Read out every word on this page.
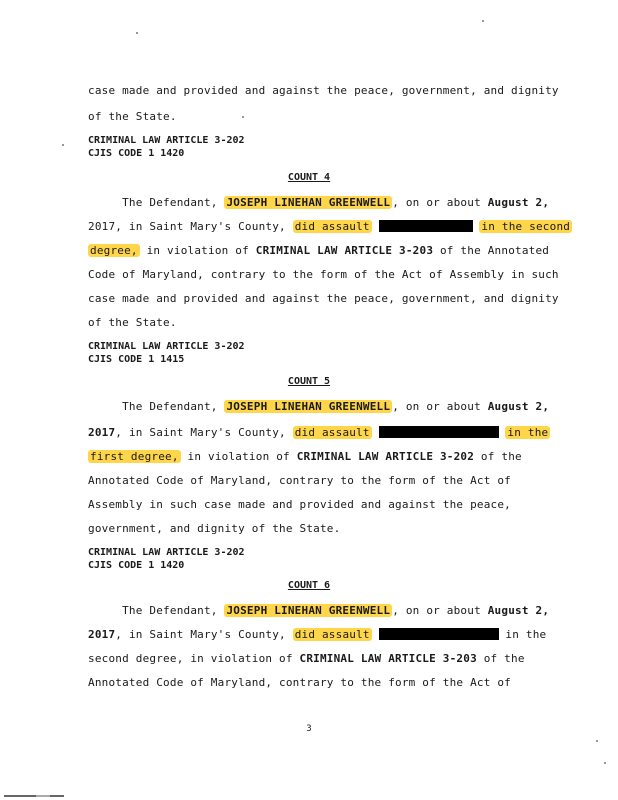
case made and provided and against the peace, government, and dignity
of the State.
CRIMINAL LAW ARTICLE 3-202
CJIS CODE 1 1420
COUNT 4
The Defendant, JOSEPH LINEHAN GREENWELL , on or about August 2,
2017, in Saint Mary's County, did assault	in the second
degree, in violation of CRIMINAL LAW ARTICLE 3-203 of the Annotated
Code of Maryland, contrary to the form of the Act of Assembly in such
case made and provided and against the peace, government, and dignity
of the State.
CRIMINAL LAW ARTICLE 3-202
CJIS CODE 1 1415
COUNT 5
The Defendant, JOSEPH LINEHAN GREENWELL , on or about August 2,
2017, in Saint Mary's County, did assault	in the
first degree, in violation of CRIMINAL LAW ARTICLE 3-202 of the
Annotated Code of Maryland, contrary to the form of the Act of
Assembly in such case made and provided and against the peace,
government, and dignity of the State.
CRIMINAL LAW ARTICLE 3-202
CJIS CODE 1 1420
COUNT 6
The Defendant, JOSEPH LINEHAN GREENWELL , on or about August 2,
2017, in Saint Mary's County, did assault	in the
second degree, in violation of CRIMINAL LAW ARTICLE 3-203 of the
Annotated Code of Maryland, contrary to the form of the Act of
3
